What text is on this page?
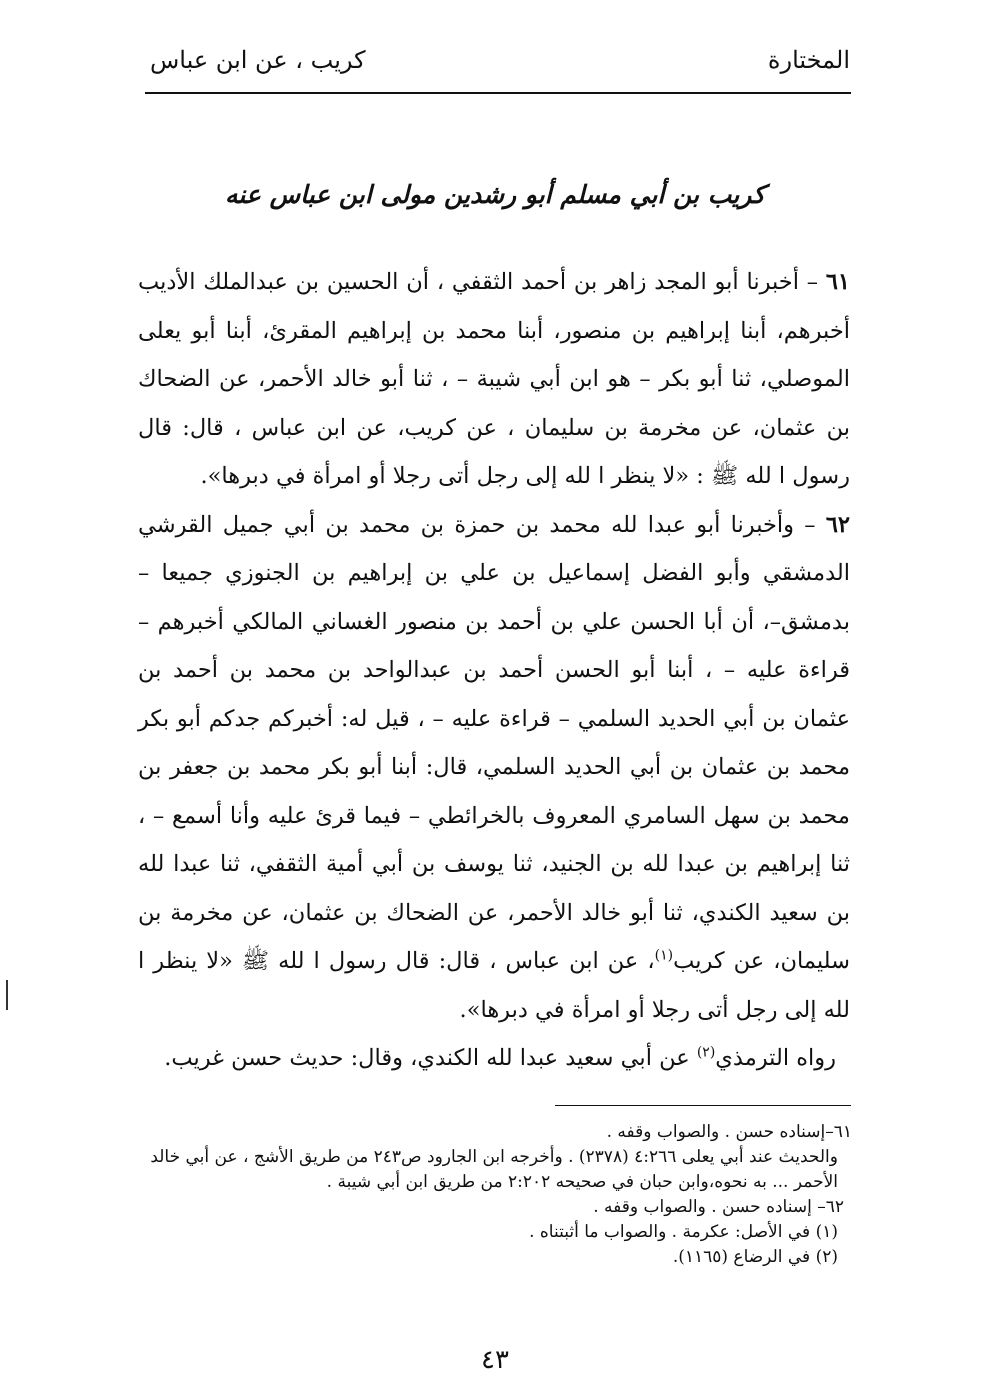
المختارة
كريب ، عن ابن عباس
كريب بن أبي مسلم أبو رشدين مولى ابن عباس عنه

٦١ – أخبرنا أبو المجد زاهر بن أحمد الثقفي ، أن الحسين بن عبدالملك الأديب أخبرهم، أبنا إبراهيم بن منصور، أبنا محمد بن إبراهيم المقرئ، أبنا أبو يعلى الموصلي، ثنا أبو بكر – هو ابن أبي شيبة – ، ثنا أبو خالد الأحمر، عن الضحاك بن عثمان، عن مخرمة بن سليمان ، عن كريب، عن ابن عباس ، قال: قال رسول ا لله ﷺ : «لا ينظر ا لله إلى رجل أتى رجلا أو امرأة في دبرها».

٦٢ – وأخبرنا أبو عبدا لله محمد بن حمزة بن محمد بن أبي جميل القرشي الدمشقي وأبو الفضل إسماعيل بن علي بن إبراهيم بن الجنوزي جميعا – بدمشق–، أن أبا الحسن علي بن أحمد بن منصور الغساني المالكي أخبرهم – قراءة عليه – ، أبنا أبو الحسن أحمد بن عبدالواحد بن محمد بن أحمد بن عثمان بن أبي الحديد السلمي – قراءة عليه – ، قيل له: أخبركم جدكم أبو بكر محمد بن عثمان بن أبي الحديد السلمي، قال: أبنا أبو بكر محمد بن جعفر بن محمد بن سهل السامري المعروف بالخرائطي – فيما قرئ عليه وأنا أسمع – ، ثنا إبراهيم بن عبدا لله بن الجنيد، ثنا يوسف بن أبي أمية الثقفي، ثنا عبدا لله بن سعيد الكندي، ثنا أبو خالد الأحمر، عن الضحاك بن عثمان، عن مخرمة بن سليمان، عن كريب$^{(١)}$، عن ابن عباس ، قال: قال رسول ا لله ﷺ «لا ينظر ا لله إلى رجل أتى رجلا أو امرأة في دبرها».

رواه الترمذي$^{(٢)}$ عن أبي سعيد عبدا لله الكندي، وقال: حديث حسن غريب.

٦١–إسناده حسن . والصواب وقفه .

والحديث عند أبي يعلى ٤:٢٦٦ (٢٣٧٨) . وأخرجه ابن الجارود ص٢٤٣ من طريق الأشج ، عن أبي خالد الأحمر ... به نحوه،وابن حبان في صحيحه ٢:٢٠٢ من طريق ابن أبي شيبة .

٦٢– إسناده حسن . والصواب وقفه .

(١) في الأصل: عكرمة . والصواب ما أثبتناه .

(٢) في الرضاع (١١٦٥).

٤٣
